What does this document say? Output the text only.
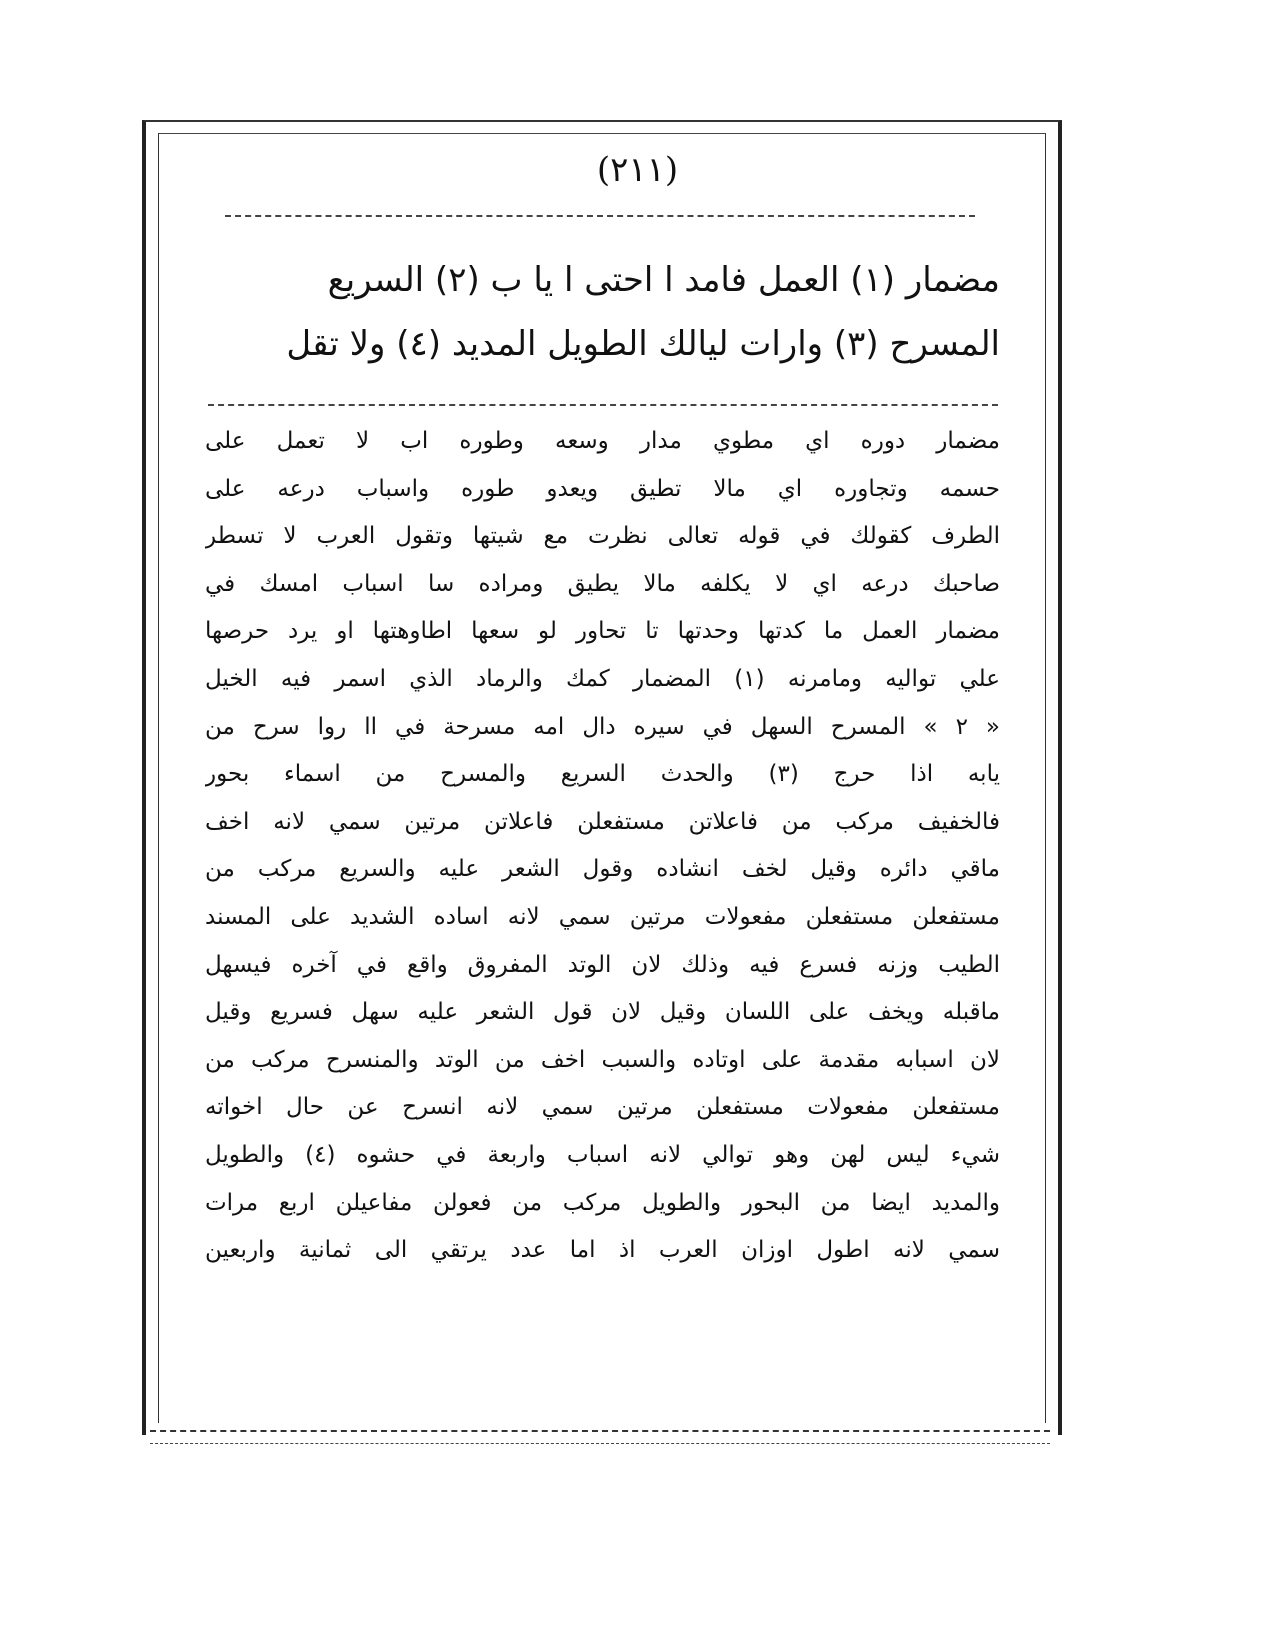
(٢١١)
مضمار (١) العمل فامد ا احتى ا يا ب (٢) السريع
المسرح (٣) وارات ليالك الطويل المديد (٤) ولا تقل
مضمار دوره اي مطوي مدار وسعه وطوره اب لا تعمل على
حسمه وتجاوره اي مالا تطيق ويعدو طوره واسباب درعه على
الطرف كقولك في قوله تعالى نظرت مع شيتها وتقول العرب لا تسطر
صاحبك درعه اي لا يكلفه مالا يطيق ومراده سا اسباب امسك في
مضمار العمل ما كدتها وحدتها تا تحاور لو سعها اطاوهتها او يرد حرصها
علي تواليه ومامرنه (١) المضمار كمك والرماد الذي اسمر فيه الخيل
« ٢ » المسرح السهل في سيره دال امه مسرحة في اا روا سرح من
يابه اذا حرج (٣) والحدث السريع والمسرح من اسماء بحور
فالخفيف مركب من فاعلاتن مستفعلن فاعلاتن مرتين سمي لانه اخف
ماقي دائره وقيل لخف انشاده وقول الشعر عليه والسريع مركب من
مستفعلن مستفعلن مفعولات مرتين سمي لانه اساده الشديد على المسند
الطيب وزنه فسرع فيه وذلك لان الوتد المفروق واقع في آخره فيسهل
ماقبله ويخف على اللسان وقيل لان قول الشعر عليه سهل فسريع وقيل
لان اسبابه مقدمة على اوتاده والسبب اخف من الوتد والمنسرح مركب من
مستفعلن مفعولات مستفعلن مرتين سمي لانه انسرح عن حال اخواته
شيء ليس لهن وهو توالي لانه اسباب واربعة في حشوه (٤) والطويل
والمديد ايضا من البحور والطويل مركب من فعولن مفاعيلن اربع مرات
سمي لانه اطول اوزان العرب اذ اما عدد يرتقي الى ثمانية واربعين
